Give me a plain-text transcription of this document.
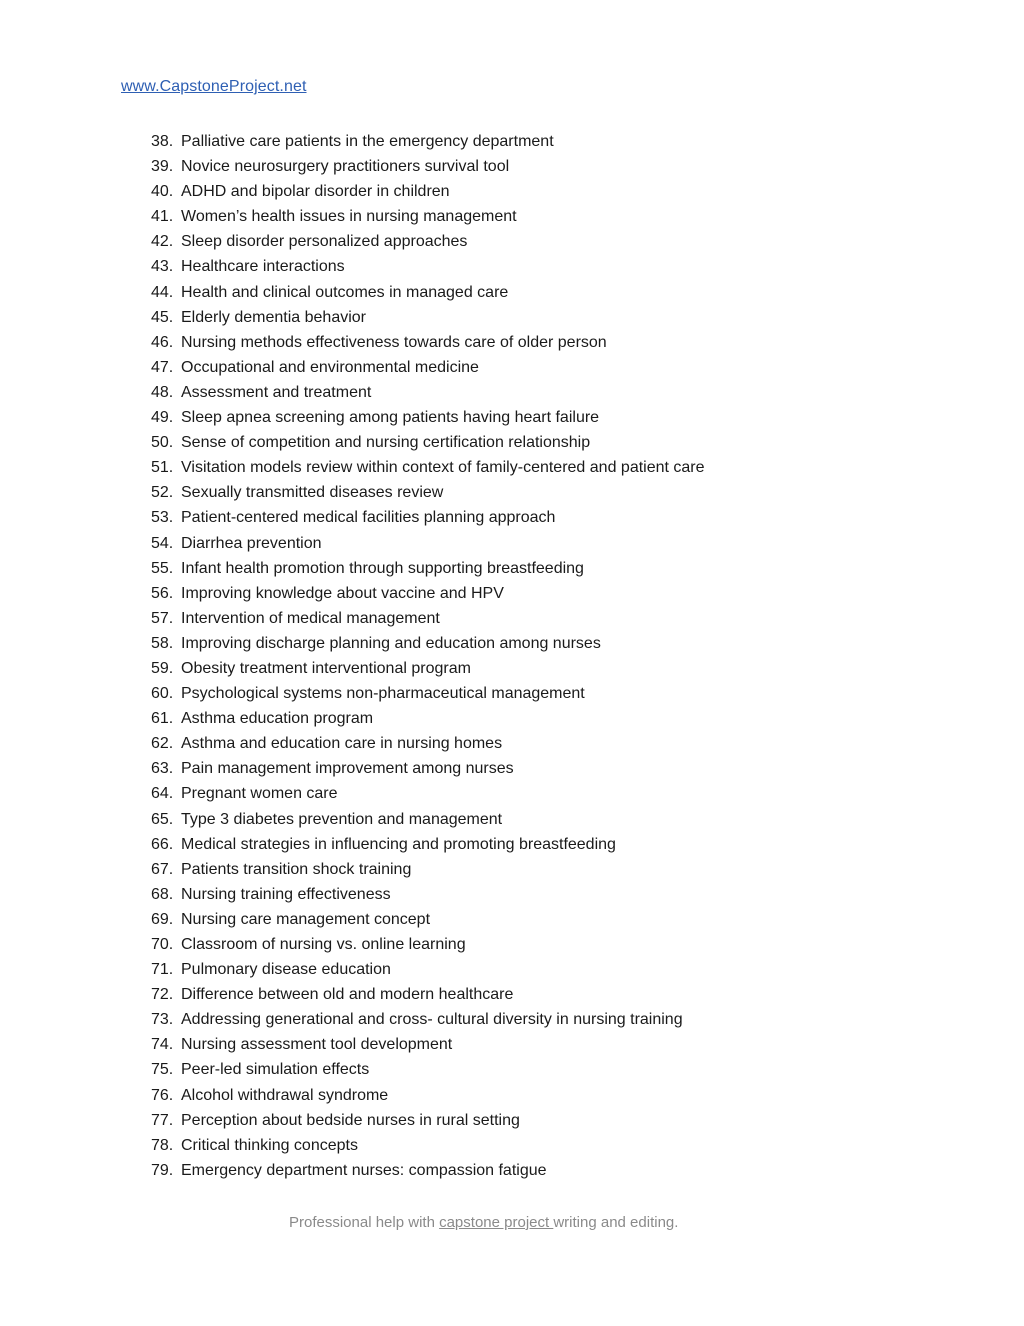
www.CapstoneProject.net
38. Palliative care patients in the emergency department
39. Novice neurosurgery practitioners survival tool
40. ADHD and bipolar disorder in children
41. Women’s health issues in nursing management
42. Sleep disorder personalized approaches
43. Healthcare interactions
44. Health and clinical outcomes in managed care
45. Elderly dementia behavior
46. Nursing methods effectiveness towards care of older person
47. Occupational and environmental medicine
48. Assessment and treatment
49. Sleep apnea screening among patients having heart failure
50. Sense of competition and nursing certification relationship
51. Visitation models review within context of family-centered and patient care
52. Sexually transmitted diseases review
53. Patient-centered medical facilities planning approach
54. Diarrhea prevention
55. Infant health promotion through supporting breastfeeding
56. Improving knowledge about vaccine and HPV
57. Intervention of medical management
58. Improving discharge planning and education among nurses
59. Obesity treatment interventional program
60. Psychological systems non-pharmaceutical management
61. Asthma education program
62. Asthma and education care in nursing homes
63. Pain management improvement among nurses
64. Pregnant women care
65. Type 3 diabetes prevention and management
66. Medical strategies in influencing and promoting breastfeeding
67. Patients transition shock training
68. Nursing training effectiveness
69. Nursing care management concept
70. Classroom of nursing vs. online learning
71. Pulmonary disease education
72. Difference between old and modern healthcare
73. Addressing generational and cross- cultural diversity in nursing training
74. Nursing assessment tool development
75. Peer-led simulation effects
76. Alcohol withdrawal syndrome
77. Perception about bedside nurses in rural setting
78. Critical thinking concepts
79. Emergency department nurses: compassion fatigue
Professional help with capstone project writing and editing.
